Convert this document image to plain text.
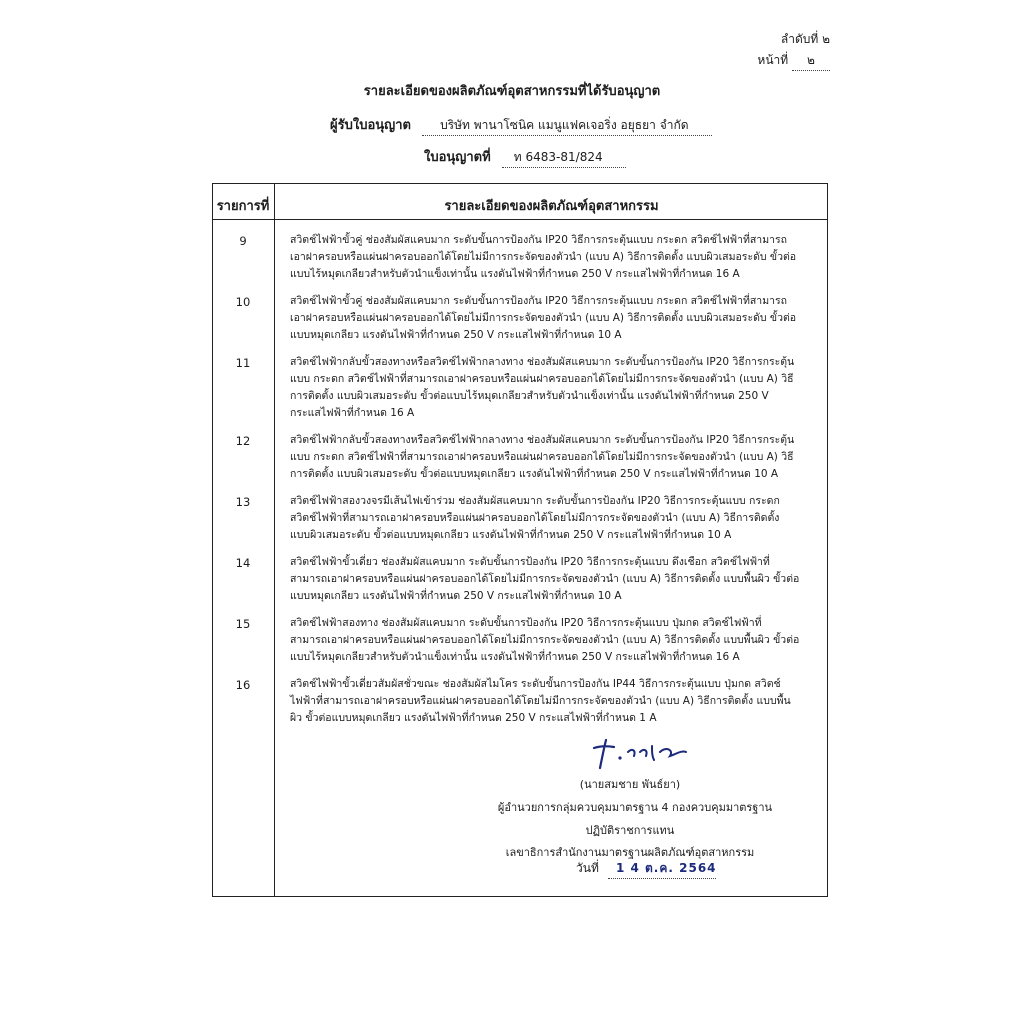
ลำดับที่ ๒
หน้าที่ ๒
รายละเอียดของผลิตภัณฑ์อุตสาหกรรมที่ได้รับอนุญาต
ผู้รับใบอนุญาต บริษัท พานาโซนิค แมนูแฟคเจอริ่ง อยุธยา จำกัด
ใบอนุญาตที่ ท 6483-81/824
รายการที่	รายละเอียดของผลิตภัณฑ์อุตสาหกรรม
9	สวิตช์ไฟฟ้าขั้วคู่ ช่องสัมผัสแคบมาก ระดับขั้นการป้องกัน IP20 วิธีการกระตุ้นแบบ กระดก สวิตช์ไฟฟ้าที่สามารถ
เอาฝาครอบหรือแผ่นฝาครอบออกได้โดยไม่มีการกระจัดของตัวนำ (แบบ A) วิธีการติดตั้ง แบบผิวเสมอระดับ ขั้วต่อ
แบบไร้หมุดเกลียวสำหรับตัวนำแข็งเท่านั้น แรงดันไฟฟ้าที่กำหนด 250 V กระแสไฟฟ้าที่กำหนด 16 A
10	สวิตช์ไฟฟ้าขั้วคู่ ช่องสัมผัสแคบมาก ระดับขั้นการป้องกัน IP20 วิธีการกระตุ้นแบบ กระดก สวิตช์ไฟฟ้าที่สามารถ
เอาฝาครอบหรือแผ่นฝาครอบออกได้โดยไม่มีการกระจัดของตัวนำ (แบบ A) วิธีการติดตั้ง แบบผิวเสมอระดับ ขั้วต่อ
แบบหมุดเกลียว แรงดันไฟฟ้าที่กำหนด 250 V กระแสไฟฟ้าที่กำหนด 10 A
11	สวิตช์ไฟฟ้ากลับขั้วสองทางหรือสวิตช์ไฟฟ้ากลางทาง ช่องสัมผัสแคบมาก ระดับขั้นการป้องกัน IP20 วิธีการกระตุ้น
แบบ กระดก สวิตช์ไฟฟ้าที่สามารถเอาฝาครอบหรือแผ่นฝาครอบออกได้โดยไม่มีการกระจัดของตัวนำ (แบบ A) วิธี
การติดตั้ง แบบผิวเสมอระดับ ขั้วต่อแบบไร้หมุดเกลียวสำหรับตัวนำแข็งเท่านั้น แรงดันไฟฟ้าที่กำหนด 250 V
กระแสไฟฟ้าที่กำหนด 16 A
12	สวิตช์ไฟฟ้ากลับขั้วสองทางหรือสวิตช์ไฟฟ้ากลางทาง ช่องสัมผัสแคบมาก ระดับขั้นการป้องกัน IP20 วิธีการกระตุ้น
แบบ กระดก สวิตช์ไฟฟ้าที่สามารถเอาฝาครอบหรือแผ่นฝาครอบออกได้โดยไม่มีการกระจัดของตัวนำ (แบบ A) วิธี
การติดตั้ง แบบผิวเสมอระดับ ขั้วต่อแบบหมุดเกลียว แรงดันไฟฟ้าที่กำหนด 250 V กระแสไฟฟ้าที่กำหนด 10 A
13	สวิตช์ไฟฟ้าสองวงจรมีเส้นไฟเข้าร่วม ช่องสัมผัสแคบมาก ระดับขั้นการป้องกัน IP20 วิธีการกระตุ้นแบบ กระดก
สวิตช์ไฟฟ้าที่สามารถเอาฝาครอบหรือแผ่นฝาครอบออกได้โดยไม่มีการกระจัดของตัวนำ (แบบ A) วิธีการติดตั้ง
แบบผิวเสมอระดับ ขั้วต่อแบบหมุดเกลียว แรงดันไฟฟ้าที่กำหนด 250 V กระแสไฟฟ้าที่กำหนด 10 A
14	สวิตช์ไฟฟ้าขั้วเดี่ยว ช่องสัมผัสแคบมาก ระดับขั้นการป้องกัน IP20 วิธีการกระตุ้นแบบ ดึงเชือก สวิตช์ไฟฟ้าที่
สามารถเอาฝาครอบหรือแผ่นฝาครอบออกได้โดยไม่มีการกระจัดของตัวนำ (แบบ A) วิธีการติดตั้ง แบบพื้นผิว ขั้วต่อ
แบบหมุดเกลียว แรงดันไฟฟ้าที่กำหนด 250 V กระแสไฟฟ้าที่กำหนด 10 A
15	สวิตช์ไฟฟ้าสองทาง ช่องสัมผัสแคบมาก ระดับขั้นการป้องกัน IP20 วิธีการกระตุ้นแบบ ปุ่มกด สวิตช์ไฟฟ้าที่
สามารถเอาฝาครอบหรือแผ่นฝาครอบออกได้โดยไม่มีการกระจัดของตัวนำ (แบบ A) วิธีการติดตั้ง แบบพื้นผิว ขั้วต่อ
แบบไร้หมุดเกลียวสำหรับตัวนำแข็งเท่านั้น แรงดันไฟฟ้าที่กำหนด 250 V กระแสไฟฟ้าที่กำหนด 16 A
16	สวิตช์ไฟฟ้าขั้วเดี่ยวสัมผัสชั่วขณะ ช่องสัมผัสไมโคร ระดับขั้นการป้องกัน IP44 วิธีการกระตุ้นแบบ ปุ่มกด สวิตช์
ไฟฟ้าที่สามารถเอาฝาครอบหรือแผ่นฝาครอบออกได้โดยไม่มีการกระจัดของตัวนำ (แบบ A) วิธีการติดตั้ง แบบพื้น
ผิว ขั้วต่อแบบหมุดเกลียว แรงดันไฟฟ้าที่กำหนด 250 V กระแสไฟฟ้าที่กำหนด 1 A
(นายสมชาย พันธ์ยา)
ผู้อำนวยการกลุ่มควบคุมมาตรฐาน 4 กองควบคุมมาตรฐาน
ปฏิบัติราชการแทน
เลขาธิการสำนักงานมาตรฐานผลิตภัณฑ์อุตสาหกรรม
วันที่ 1 4 ต.ค. 2564
